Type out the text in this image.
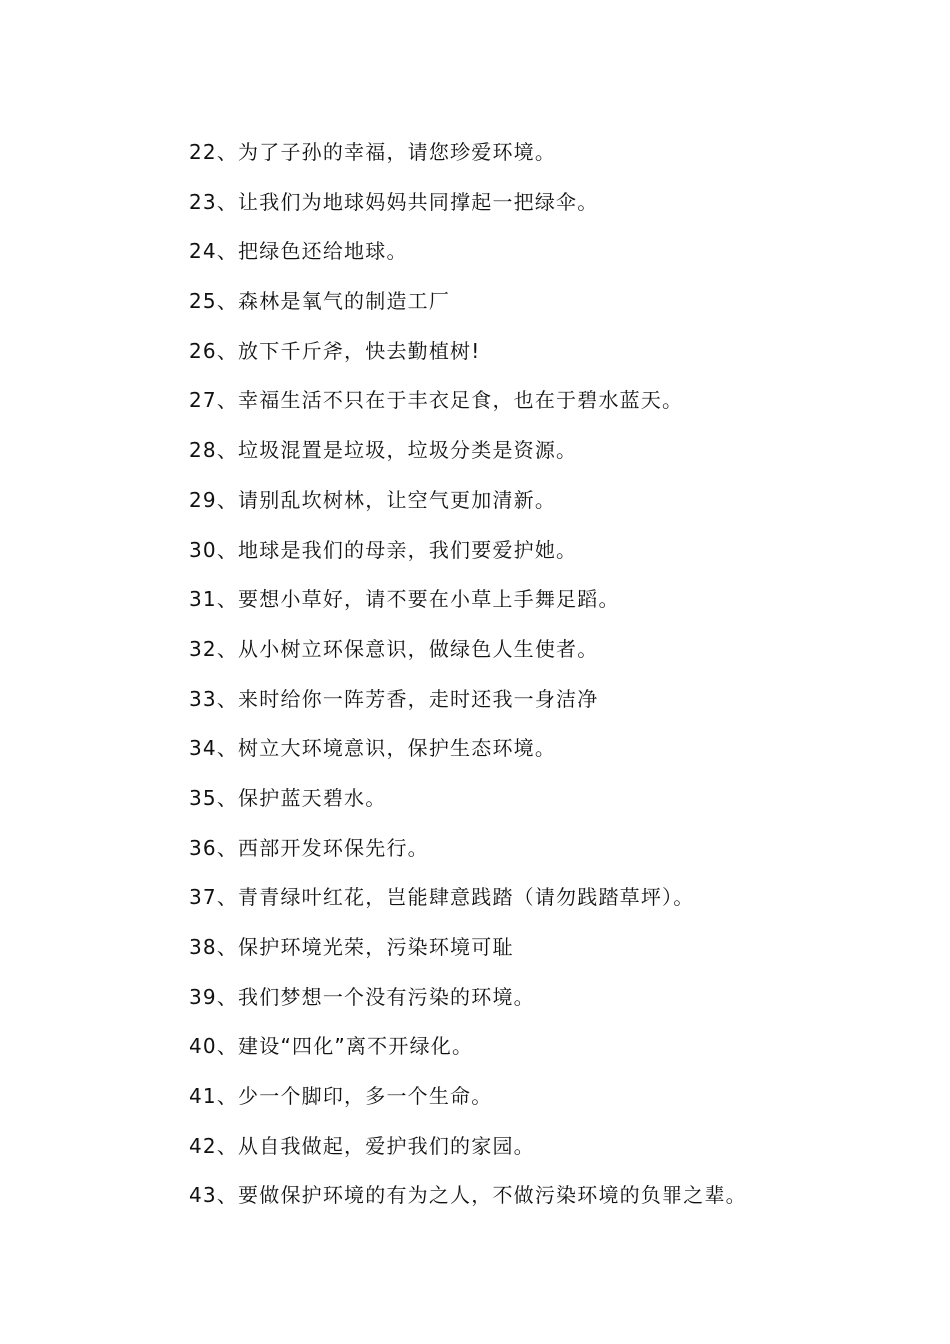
22、为了子孙的幸福，请您珍爱环境。
23、让我们为地球妈妈共同撑起一把绿伞。
24、把绿色还给地球。
25、森林是氧气的制造工厂
26、放下千斤斧，快去勤植树!
27、幸福生活不只在于丰衣足食，也在于碧水蓝天。
28、垃圾混置是垃圾，垃圾分类是资源。
29、请别乱坎树林，让空气更加清新。
30、地球是我们的母亲，我们要爱护她。
31、要想小草好，请不要在小草上手舞足蹈。
32、从小树立环保意识，做绿色人生使者。
33、来时给你一阵芳香，走时还我一身洁净
34、树立大环境意识，保护生态环境。
35、保护蓝天碧水。
36、西部开发环保先行。
37、青青绿叶红花，岂能肆意践踏（请勿践踏草坪）。
38、保护环境光荣，污染环境可耻
39、我们梦想一个没有污染的环境。
40、建设“四化”离不开绿化。
41、少一个脚印，多一个生命。
42、从自我做起，爱护我们的家园。
43、要做保护环境的有为之人，不做污染环境的负罪之辈。
